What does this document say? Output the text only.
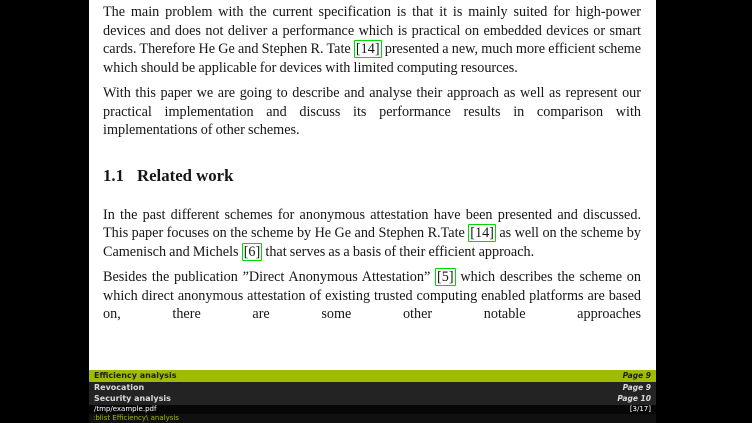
The main problem with the current specification is that it is mainly suited for high-power devices and does not deliver a performance which is practical on embedded devices or smart cards. Therefore He Ge and Stephen R. Tate [14] presented a new, much more efficient scheme which should be applicable for devices with limited computing resources.

With this paper we are going to describe and analyse their approach as well as represent our practical implementation and discuss its performance results in comparison with implementations of other schemes.

1.1 Related work

In the past different schemes for anonymous attestation have been presented and discussed. This paper focuses on the scheme by He Ge and Stephen R.Tate [14] as well on the scheme by Camenisch and Michels [6] that serves as a basis of their efficient approach.

Besides the publication ”Direct Anonymous Attestation” [5] which describes the scheme on which direct anonymous attestation of existing trusted computing enabled platforms are based on, there are some other notable approaches

Efficiency analysis	Page 9
Revocation	Page 9
Security analysis	Page 10
/tmp/example.pdf	[3/17]
:blist Efficiency\ analysis
